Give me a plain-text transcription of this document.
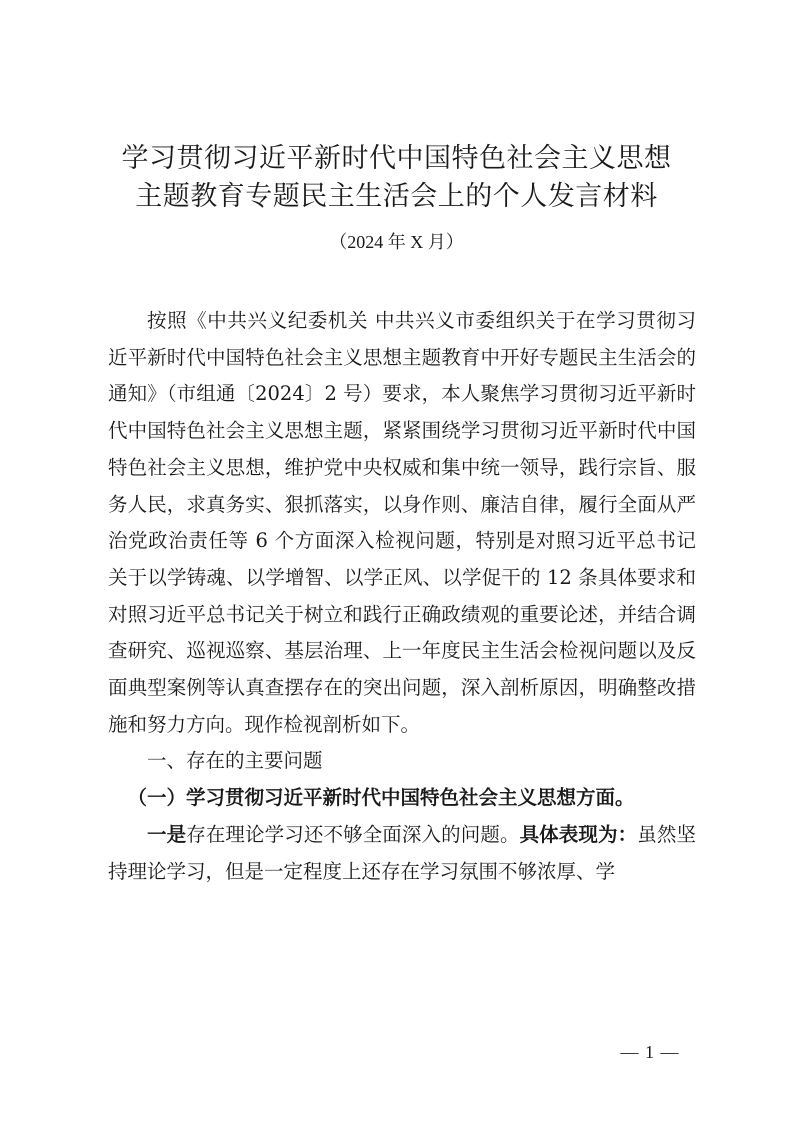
学习贯彻习近平新时代中国特色社会主义思想
主题教育专题民主生活会上的个人发言材料
（2024 年 X 月）

按照《中共兴义纪委机关 中共兴义市委组织关于在学习贯彻习近平新时代中国特色社会主义思想主题教育中开好专题民主生活会的通知》（市组通〔2024〕2 号）要求，本人聚焦学习贯彻习近平新时代中国特色社会主义思想主题，紧紧围绕学习贯彻习近平新时代中国特色社会主义思想，维护党中央权威和集中统一领导，践行宗旨、服务人民，求真务实、狠抓落实，以身作则、廉洁自律，履行全面从严治党政治责任等 6 个方面深入检视问题，特别是对照习近平总书记关于以学铸魂、以学增智、以学正风、以学促干的 12 条具体要求和对照习近平总书记关于树立和践行正确政绩观的重要论述，并结合调查研究、巡视巡察、基层治理、上一年度民主生活会检视问题以及反面典型案例等认真查摆存在的突出问题，深入剖析原因，明确整改措施和努力方向。现作检视剖析如下。

一、存在的主要问题

（一）学习贯彻习近平新时代中国特色社会主义思想方面。

一是存在理论学习还不够全面深入的问题。具体表现为：虽然坚持理论学习，但是一定程度上还存在学习氛围不够浓厚、学

— 1 —
